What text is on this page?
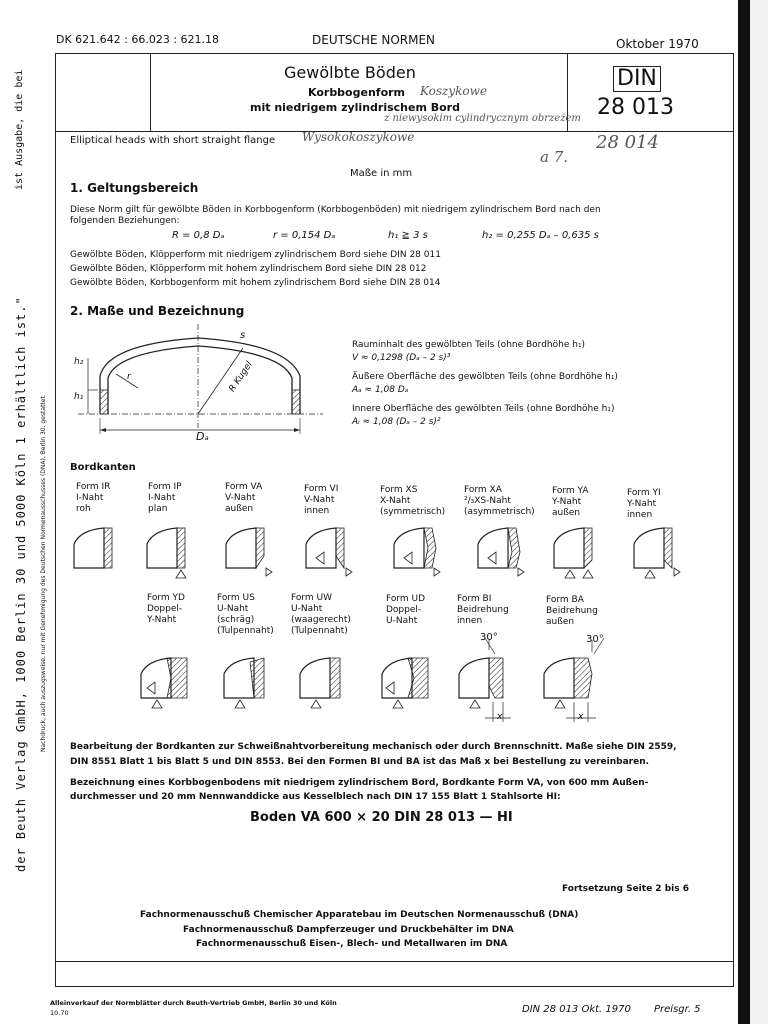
der Beuth Verlag GmbH, 1000 Berlin 30 und 5000 Köln 1 erhältlich ist." Nachdruck, auch auszugsweise, nur mit Genehmigung des Deutschen Normenausschusses (DNA), Berlin 30, gestattet.
ist Ausgabe, die bei
DK 621.642 : 66.023 : 621.18	DEUTSCHE NORMEN	Oktober 1970
Gewölbte Böden
Korbbogenform
mit niedrigem zylindrischem Bord
DIN
28 013
Koszykowe
z niewysokim cylindrycznym obrzeżem
Elliptical heads with short straight flange Wysokokoszykowe	28 014
a 7.
Maße in mm
1. Geltungsbereich
Diese Norm gilt für gewölbte Böden in Korbbogenform (Korbbogenböden) mit niedrigem zylindrischem Bord nach den
folgenden Beziehungen:
R = 0,8 Dₐ	r = 0,154 Dₐ	h₁ ≧ 3 s	h₂ = 0,255 Dₐ – 0,635 s
Gewölbte Böden, Klöpperform mit niedrigem zylindrischem Bord siehe DIN 28 011
Gewölbte Böden, Klöpperform mit hohem zylindrischem Bord siehe DIN 28 012
Gewölbte Böden, Korbbogenform mit hohem zylindrischem Bord siehe DIN 28 014
2. Maße und Bezeichnung
s
h₂
h₁
r	R Kugel
Dₐ
Rauminhalt des gewölbten Teils (ohne Bordhöhe h₁)
V ≈ 0,1298 (Dₐ – 2 s)³
Äußere Oberfläche des gewölbten Teils (ohne Bordhöhe h₁)
Aₐ ≈ 1,08 Dₐ
Innere Oberfläche des gewölbten Teils (ohne Bordhöhe h₁)
Aᵢ ≈ 1,08 (Dₐ – 2 s)²
Bordkanten
Form IR
I-Naht
roh
Form IP
I-Naht
plan
Form VA
V-Naht
außen
Form VI
V-Naht
innen
Form XS
X-Naht
(symmetrisch)
Form XA
²/₃XS-Naht
(asymmetrisch)
Form YA
Y-Naht
außen
Form YI
Y-Naht
innen
Form YD
Doppel-
Y-Naht
Form US
U-Naht
(schräg)
(Tulpennaht)
Form UW
U-Naht
(waagerecht)
(Tulpennaht)
Form UD
Doppel-
U-Naht
Form BI
Beidrehung
innen
Form BA
Beidrehung
außen
30°	30°
x	x
Bearbeitung der Bordkanten zur Schweißnahtvorbereitung mechanisch oder durch Brennschnitt. Maße siehe DIN 2559,
DIN 8551 Blatt 1 bis Blatt 5 und DIN 8553. Bei den Formen BI und BA ist das Maß x bei Bestellung zu vereinbaren.
Bezeichnung eines Korbbogenbodens mit niedrigem zylindrischem Bord, Bordkante Form VA, von 600 mm Außen-
durchmesser und 20 mm Nennwanddicke aus Kesselblech nach DIN 17 155 Blatt 1 Stahlsorte HI:
Boden VA 600 × 20 DIN 28 013 — HI
Fortsetzung Seite 2 bis 6
Fachnormenausschuß Chemischer Apparatebau im Deutschen Normenausschuß (DNA)
Fachnormenausschuß Dampferzeuger und Druckbehälter im DNA
Fachnormenausschuß Eisen-, Blech- und Metallwaren im DNA
Alleinverkauf der Normblätter durch Beuth-Vertrieb GmbH, Berlin 30 und Köln
10.70	DIN 28 013 Okt. 1970 Preisgr. 5
